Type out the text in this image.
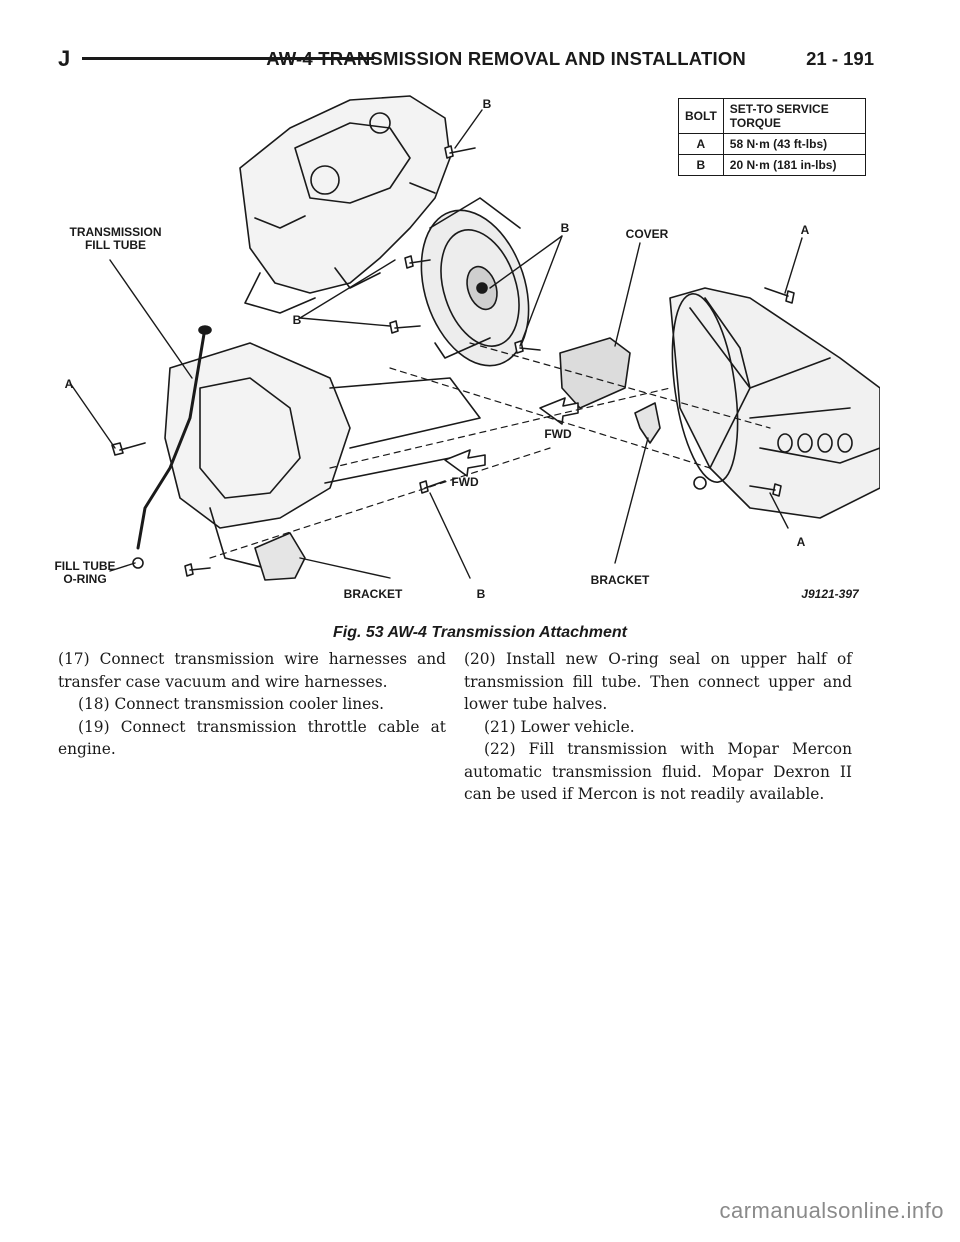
J	AW-4 TRANSMISSION REMOVAL AND INSTALLATION	21 - 191
BOLT	SET-TO SERVICE TORQUE
A	58 N·m (43 ft-lbs)
B	20 N·m (181 in-lbs)
TRANSMISSION FILL TUBE
FILL TUBE O-RING
COVER
BRACKET
BRACKET
FWD
FWD
A
A
A
B
B
B
B	J9121-397
Fig. 53 AW-4 Transmission Attachment

(17) Connect transmission wire harnesses and transfer case vacuum and wire harnesses.

(18) Connect transmission cooler lines.

(19) Connect transmission throttle cable at engine.

(20) Install new O-ring seal on upper half of transmission fill tube. Then connect upper and lower tube halves.

(21) Lower vehicle.

(22) Fill transmission with Mopar Mercon automatic transmission fluid. Mopar Dexron II can be used if Mercon is not readily available.

carmanualsonline.info
